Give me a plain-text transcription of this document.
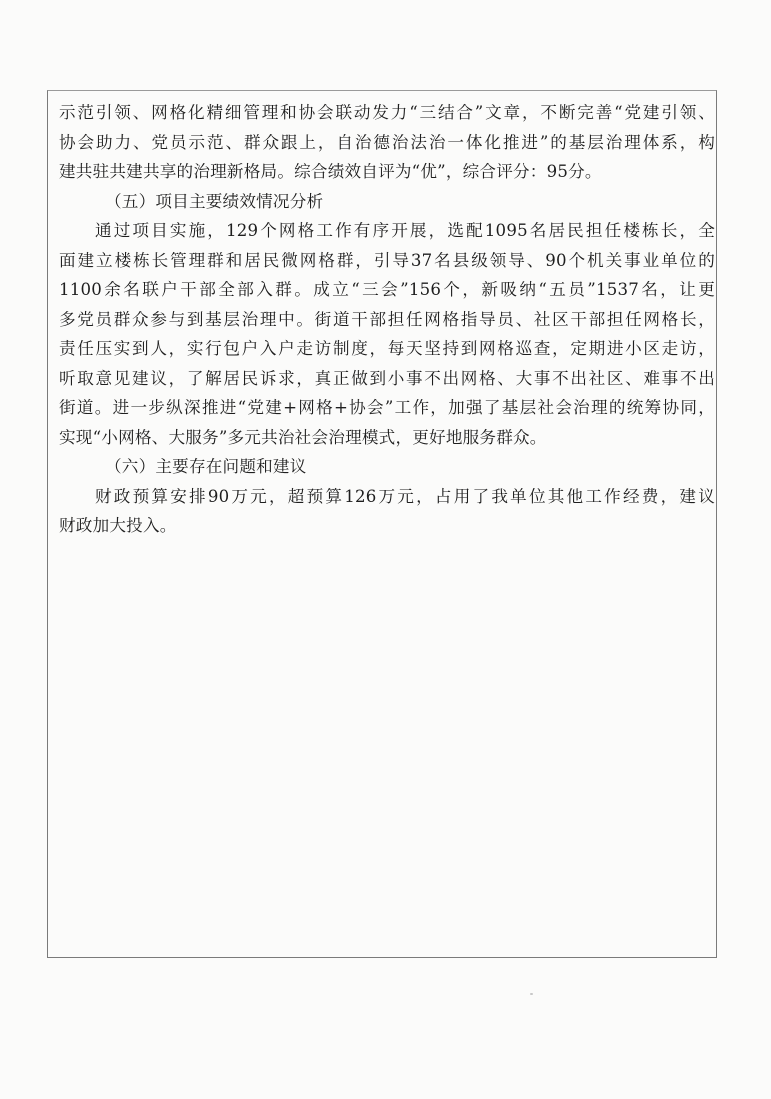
示范引领、网格化精细管理和协会联动发力“三结合”文章，不断完善“党建引领、
协会助力、党员示范、群众跟上，自治德治法治一体化推进”的基层治理体系，构
建共驻共建共享的治理新格局。综合绩效自评为“优”，综合评分：95分。
（五）项目主要绩效情况分析
通过项目实施，129个网格工作有序开展，选配1095名居民担任楼栋长，全
面建立楼栋长管理群和居民微网格群，引导37名县级领导、90个机关事业单位的
1100余名联户干部全部入群。成立“三会”156个，新吸纳“五员”1537名，让更
多党员群众参与到基层治理中。街道干部担任网格指导员、社区干部担任网格长，
责任压实到人，实行包户入户走访制度，每天坚持到网格巡查，定期进小区走访，
听取意见建议，了解居民诉求，真正做到小事不出网格、大事不出社区、难事不出
街道。进一步纵深推进“党建+网格+协会”工作，加强了基层社会治理的统筹协同，
实现“小网格、大服务”多元共治社会治理模式，更好地服务群众。
（六）主要存在问题和建议
财政预算安排90万元，超预算126万元，占用了我单位其他工作经费，建议
财政加大投入。
